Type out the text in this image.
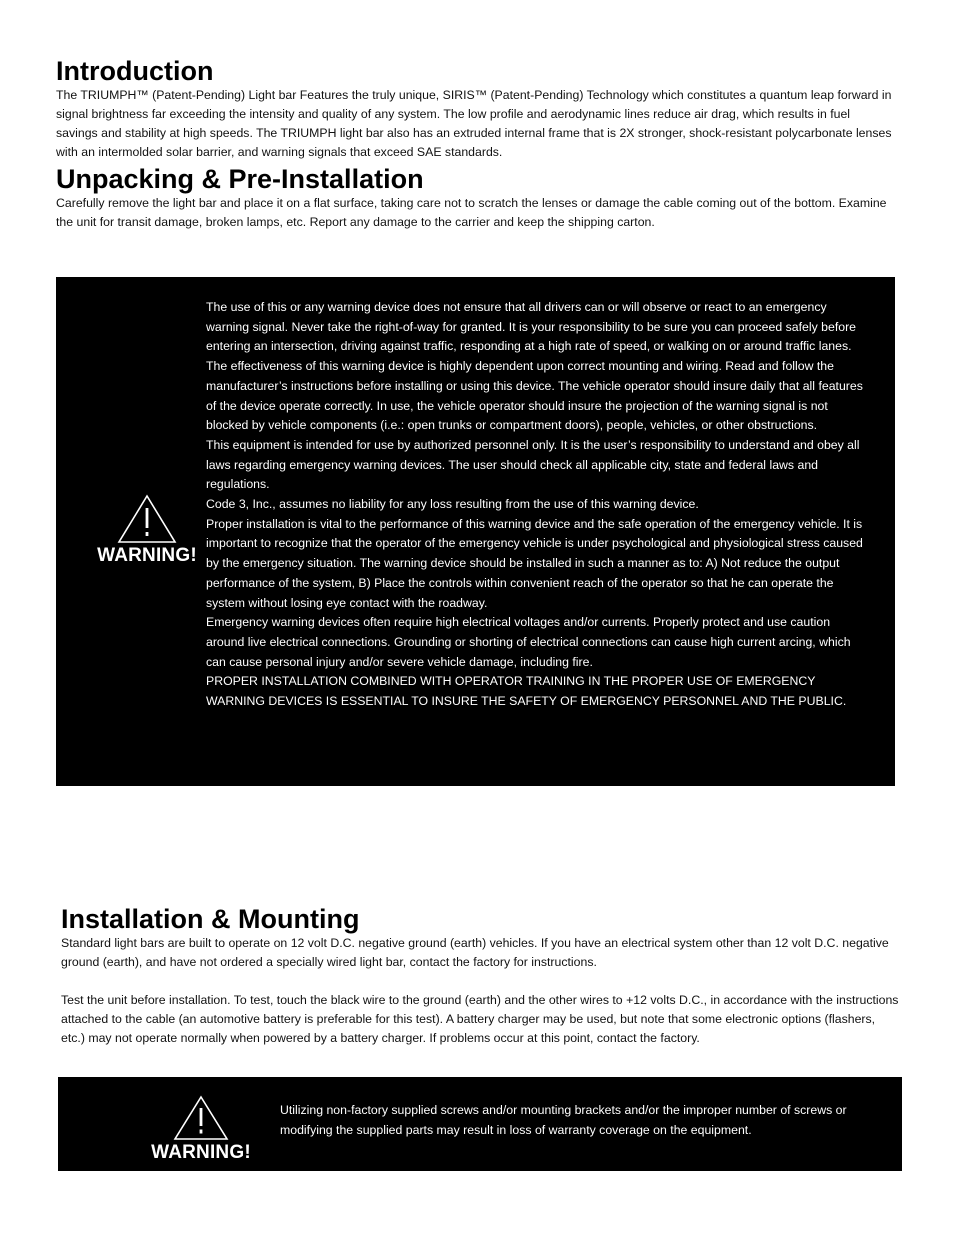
Introduction

The TRIUMPH™ (Patent-Pending) Light bar Features the truly unique, SIRIS™ (Patent-Pending) Technology which constitutes a quantum leap forward in signal brightness far exceeding the intensity and quality of any system. The low profile and aerodynamic lines reduce air drag, which results in fuel savings and stability at high speeds. The TRIUMPH light bar also has an extruded internal frame that is 2X stronger, shock-resistant polycarbonate lenses with an intermolded solar barrier, and warning signals that exceed SAE standards.

Unpacking & Pre-Installation

Carefully remove the light bar and place it on a flat surface, taking care not to scratch the lenses or damage the cable coming out of the bottom. Examine the unit for transit damage, broken lamps, etc. Report any damage to the carrier and keep the shipping carton.

WARNING!

The use of this or any warning device does not ensure that all drivers can or will observe or react to an emergency warning signal. Never take the right-of-way for granted. It is your responsibility to be sure you can proceed safely before entering an intersection, driving against traffic, responding at a high rate of speed, or walking on or around traffic lanes.

The effectiveness of this warning device is highly dependent upon correct mounting and wiring. Read and follow the manufacturer’s instructions before installing or using this device. The vehicle operator should insure daily that all features of the device operate correctly. In use, the vehicle operator should insure the projection of the warning signal is not blocked by vehicle components (i.e.: open trunks or compartment doors), people, vehicles, or other obstructions.

This equipment is intended for use by authorized personnel only. It is the user’s responsibility to understand and obey all laws regarding emergency warning devices. The user should check all applicable city, state and federal laws and regulations.

Code 3, Inc., assumes no liability for any loss resulting from the use of this warning device.

Proper installation is vital to the performance of this warning device and the safe operation of the emergency vehicle. It is important to recognize that the operator of the emergency vehicle is under psychological and physiological stress caused by the emergency situation. The warning device should be installed in such a manner as to: A) Not reduce the output performance of the system, B) Place the controls within convenient reach of the operator so that he can operate the system without losing eye contact with the roadway.

Emergency warning devices often require high electrical voltages and/or currents. Properly protect and use caution around live electrical connections. Grounding or shorting of electrical connections can cause high current arcing, which can cause personal injury and/or severe vehicle damage, including fire.

PROPER INSTALLATION COMBINED WITH OPERATOR TRAINING IN THE PROPER USE OF EMERGENCY WARNING DEVICES IS ESSENTIAL TO INSURE THE SAFETY OF EMERGENCY PERSONNEL AND THE PUBLIC.

Installation & Mounting

Standard light bars are built to operate on 12 volt D.C. negative ground (earth) vehicles. If you have an electrical system other than 12 volt D.C. negative ground (earth), and have not ordered a specially wired light bar, contact the factory for instructions.

Test the unit before installation. To test, touch the black wire to the ground (earth) and the other wires to +12 volts D.C., in accordance with the instructions attached to the cable (an automotive battery is preferable for this test). A battery charger may be used, but note that some electronic options (flashers, etc.) may not operate normally when powered by a battery charger. If problems occur at this point, contact the factory.

WARNING!

Utilizing non-factory supplied screws and/or mounting brackets and/or the improper number of screws or modifying the supplied parts may result in loss of warranty coverage on the equipment.
